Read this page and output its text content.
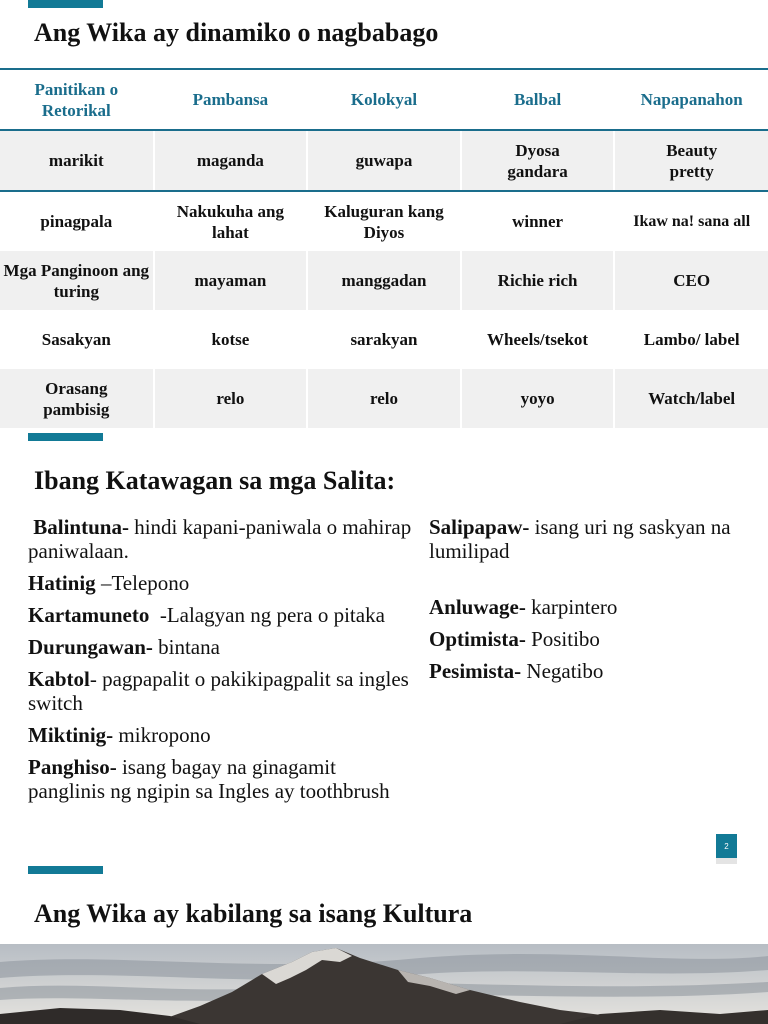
Ang Wika ay dinamiko o nagbabago
Panitikan o Retorikal	Pambansa	Kolokyal	Balbal	Napapanahon
marikit	maganda	guwapa	Dyosa gandara	Beauty pretty
pinagpala	Nakukuha ang lahat	Kaluguran kang Diyos	winner	Ikaw na! sana all
Mga Panginoon ang turing	mayaman	manggadan	Richie rich	CEO
Sasakyan	kotse	sarakyan	Wheels/tsekot	Lambo/ label
Orasang pambisig	relo	relo	yoyo	Watch/label
Ibang Katawagan sa mga Salita:

Balintuna- hindi kapani-paniwala o mahirap paniwalaan.

Hatinig –Telepono

Kartamuneto  -Lalagyan ng pera o pitaka

Durungawan- bintana

Kabtol- pagpapalit o pakikipagpalit sa ingles switch

Miktinig- mikropono

Panghiso- isang bagay na ginagamit panglinis ng ngipin sa Ingles ay toothbrush

Salipapaw- isang uri ng saskyan na lumilipad

Anluwage- karpintero

Optimista- Positibo

Pesimista- Negatibo

2
Ang Wika ay kabilang sa isang Kultura
